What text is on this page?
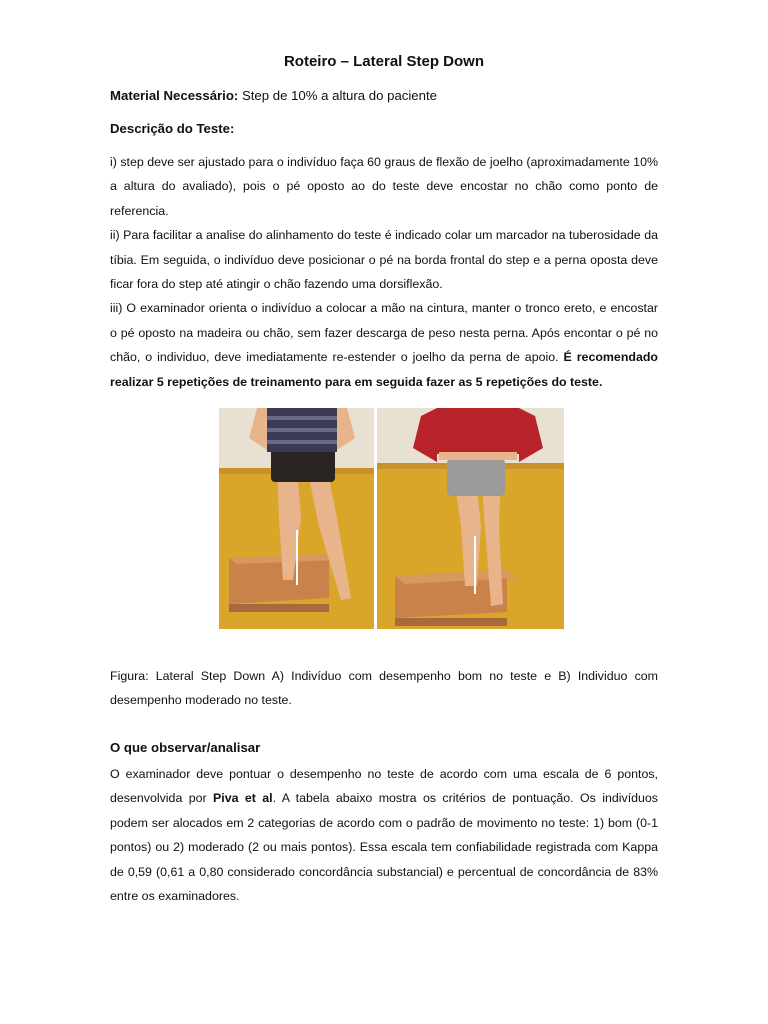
Roteiro – Lateral Step Down
Material Necessário: Step de 10% a altura do paciente
Descrição do Teste:

i) step deve ser ajustado para o indivíduo faça 60 graus de flexão de joelho (aproximadamente 10% a altura do avaliado), pois o pé oposto ao do teste deve encostar no chão como ponto de referencia.

ii) Para facilitar a analise do alinhamento do teste é indicado colar um marcador na tuberosidade da tíbia. Em seguida, o indivíduo deve posicionar o pé na borda frontal do step e a perna oposta deve ficar fora do step até atingir o chão fazendo uma dorsiflexão.

iii) O examinador orienta o indivíduo a colocar a mão na cintura, manter o tronco ereto, e encostar o pé oposto na madeira ou chão, sem fazer descarga de peso nesta perna. Após encontar o pé no chão, o individuo, deve imediatamente re-estender o joelho da perna de apoio. É recomendado realizar 5 repetições de treinamento para em seguida fazer as 5 repetições do teste.

Figura: Lateral Step Down A) Indivíduo com desempenho bom no teste e B) Individuo com desempenho moderado no teste.
O que observar/analisar
O examinador deve pontuar o desempenho no teste de acordo com uma escala de 6 pontos, desenvolvida por Piva et al. A tabela abaixo mostra os critérios de pontuação. Os indivíduos podem ser alocados em 2 categorias de acordo com o padrão de movimento no teste: 1) bom (0-1 pontos) ou 2) moderado (2 ou mais pontos). Essa escala tem confiabilidade registrada com Kappa de 0,59 (0,61 a 0,80 considerado concordância substancial) e percentual de concordância de 83% entre os examinadores.
